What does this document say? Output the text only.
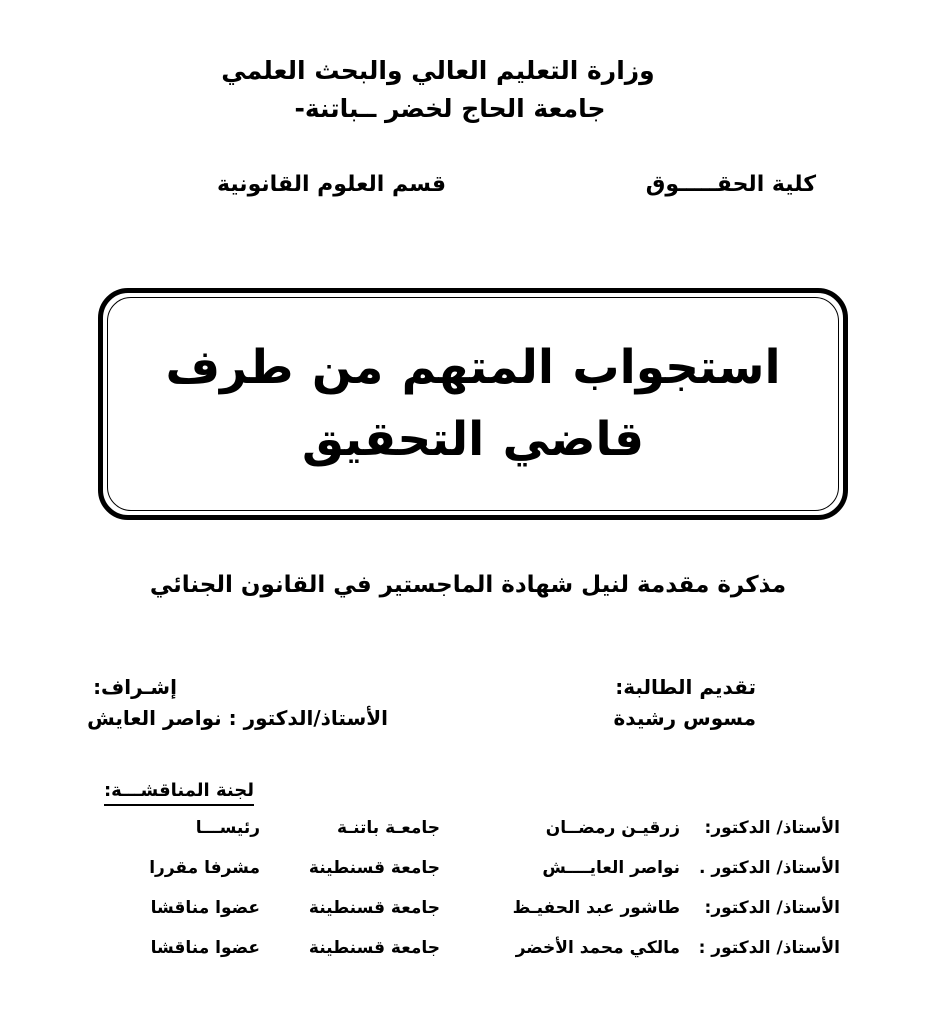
وزارة التعليم العالي والبحث العلمي
جامعة الحاج لخضر ــباتنة-
كلية الحقـــــوق
قسم العلوم القانونية
استجواب المتهم من طرف قاضي التحقيق
مذكرة مقدمة لنيل شهادة الماجستير في القانون الجنائي
تقديم الطالبة:
مسوس رشيدة
إشـراف:
الأستاذ/الدكتور : نواصر العايش
لجنة المناقشـــة:
الأستاذ/ الدكتور:
زرقيـن رمضــان
جامعـة باتنـة
رئيســـا
الأستاذ/ الدكتور .
نواصر العايــــش
جامعة قسنطينة
مشرفا مقررا
الأستاذ/ الدكتور:
طاشور عبد الحفيـظ
جامعة قسنطينة
عضوا مناقشا
الأستاذ/ الدكتور :
مالكي محمد الأخضر
جامعة قسنطينة
عضوا مناقشا
